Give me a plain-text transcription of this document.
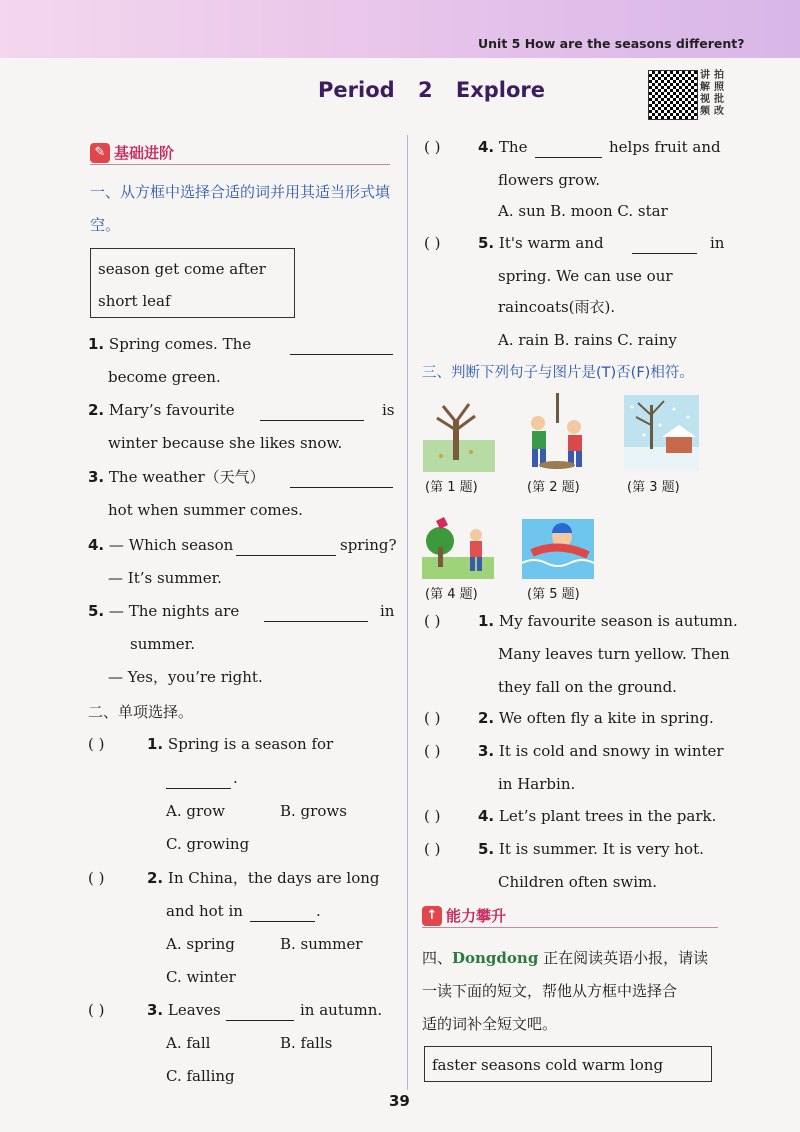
Unit 5 How are the seasons different?
Period 2 Explore
讲 拍
解 照
视 批
频 改
✎ 基础进阶
一、从方框中选择合适的词并用其适当形式填空。
season get come after
short leaf
1. Spring comes. The
become green.
2. Mary’s favourite	is
winter because she likes snow.
3. The weather（天气）
hot when summer comes.
4. — Which season	spring?
— It’s summer.
5. — The nights are	in
summer.
— Yes，you’re right.
二、单项选择。
( )	1. Spring is a season for
.
A. grow	B. grows
C. growing
( )	2. In China，the days are long
and hot in	.
A. spring	B. summer
C. winter
( )	3. Leaves	in autumn.
A. fall	B. falls
C. falling
( )	4. The	helps fruit and
flowers grow.
A. sun B. moon C. star
( )	5. It's warm and	in
spring. We can use our
raincoats(雨衣).
A. rain B. rains C. rainy
三、判断下列句子与图片是(T)否(F)相符。
(第 1 题)	(第 2 题)	(第 3 题)
(第 4 题)	(第 5 题)
( )	1. My favourite season is autumn.
Many leaves turn yellow. Then
they fall on the ground.
( )	2. We often fly a kite in spring.
( )	3. It is cold and snowy in winter
in Harbin.
( )	4. Let’s plant trees in the park.
( )	5. It is summer. It is very hot.
Children often swim.
↑ 能力攀升
四、Dongdong 正在阅读英语小报，请读
一读下面的短文，帮他从方框中选择合
适的词补全短文吧。
faster seasons cold warm long
39
